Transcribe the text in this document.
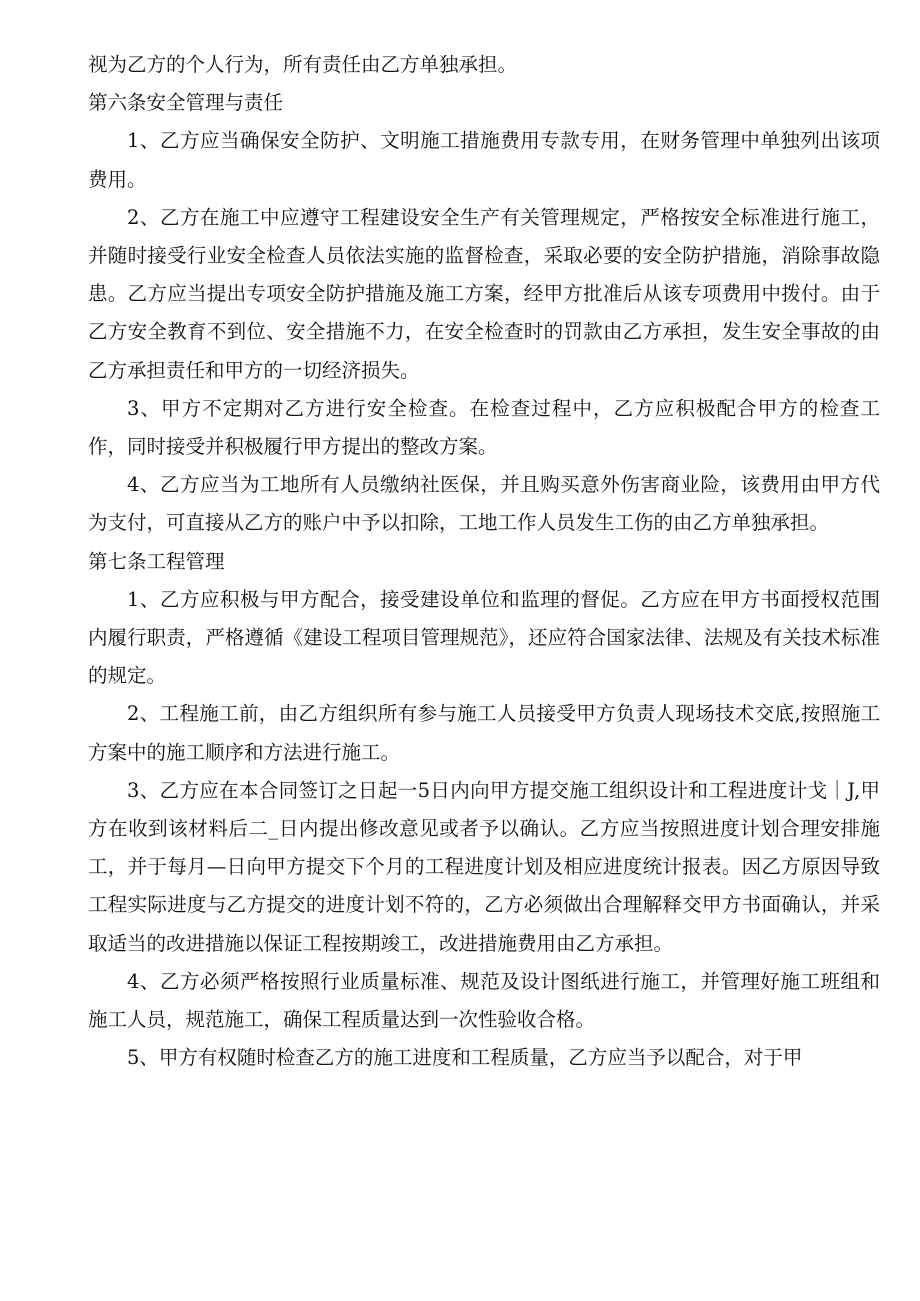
视为乙方的个人行为，所有责任由乙方单独承担。

第六条安全管理与责任

1、乙方应当确保安全防护、文明施工措施费用专款专用，在财务管理中单独列出该项费用。

2、乙方在施工中应遵守工程建设安全生产有关管理规定，严格按安全标准进行施工，并随时接受行业安全检查人员依法实施的监督检查，采取必要的安全防护措施，消除事故隐患。乙方应当提出专项安全防护措施及施工方案，经甲方批准后从该专项费用中拨付。由于乙方安全教育不到位、安全措施不力，在安全检查时的罚款由乙方承担，发生安全事故的由乙方承担责任和甲方的一切经济损失。

3、甲方不定期对乙方进行安全检查。在检查过程中，乙方应积极配合甲方的检查工作，同时接受并积极履行甲方提出的整改方案。

4、乙方应当为工地所有人员缴纳社医保，并且购买意外伤害商业险，该费用由甲方代为支付，可直接从乙方的账户中予以扣除，工地工作人员发生工伤的由乙方单独承担。

第七条工程管理

1、乙方应积极与甲方配合，接受建设单位和监理的督促。乙方应在甲方书面授权范围内履行职责，严格遵循《建设工程项目管理规范》，还应符合国家法律、法规及有关技术标准的规定。

2、工程施工前，由乙方组织所有参与施工人员接受甲方负责人现场技术交底,按照施工方案中的施工顺序和方法进行施工。

3、乙方应在本合同签订之日起一5日内向甲方提交施工组织设计和工程进度计戈｜J,甲方在收到该材料后二_日内提出修改意见或者予以确认。乙方应当按照进度计划合理安排施工，并于每月—日向甲方提交下个月的工程进度计划及相应进度统计报表。因乙方原因导致工程实际进度与乙方提交的进度计划不符的，乙方必须做出合理解释交甲方书面确认，并采取适当的改进措施以保证工程按期竣工，改进措施费用由乙方承担。

4、乙方必须严格按照行业质量标准、规范及设计图纸进行施工，并管理好施工班组和施工人员，规范施工，确保工程质量达到一次性验收合格。

5、甲方有权随时检查乙方的施工进度和工程质量，乙方应当予以配合，对于甲
